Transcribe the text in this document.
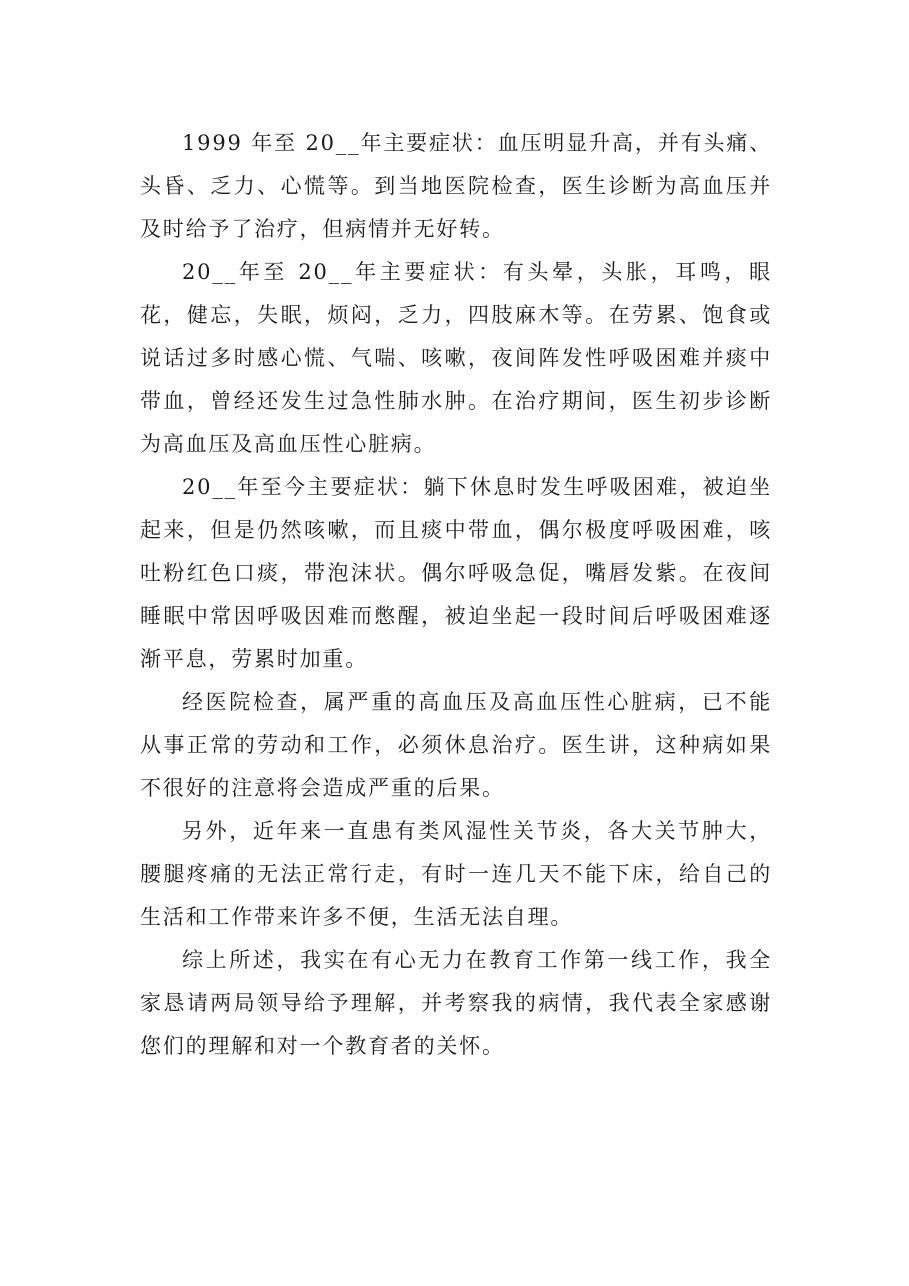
1999 年至 20__年主要症状：血压明显升高，并有头痛、头昏、乏力、心慌等。到当地医院检查，医生诊断为高血压并及时给予了治疗，但病情并无好转。

20__年至 20__年主要症状：有头晕，头胀，耳鸣，眼花，健忘，失眠，烦闷，乏力，四肢麻木等。在劳累、饱食或说话过多时感心慌、气喘、咳嗽，夜间阵发性呼吸困难并痰中带血，曾经还发生过急性肺水肿。在治疗期间，医生初步诊断为高血压及高血压性心脏病。

20__年至今主要症状：躺下休息时发生呼吸困难，被迫坐起来，但是仍然咳嗽，而且痰中带血，偶尔极度呼吸困难，咳吐粉红色口痰，带泡沫状。偶尔呼吸急促，嘴唇发紫。在夜间睡眠中常因呼吸因难而憋醒，被迫坐起一段时间后呼吸困难逐渐平息，劳累时加重。

经医院检查，属严重的高血压及高血压性心脏病，已不能从事正常的劳动和工作，必须休息治疗。医生讲，这种病如果不很好的注意将会造成严重的后果。

另外，近年来一直患有类风湿性关节炎，各大关节肿大，腰腿疼痛的无法正常行走，有时一连几天不能下床，给自己的生活和工作带来许多不便，生活无法自理。

综上所述，我实在有心无力在教育工作第一线工作，我全家恳请两局领导给予理解，并考察我的病情，我代表全家感谢您们的理解和对一个教育者的关怀。
